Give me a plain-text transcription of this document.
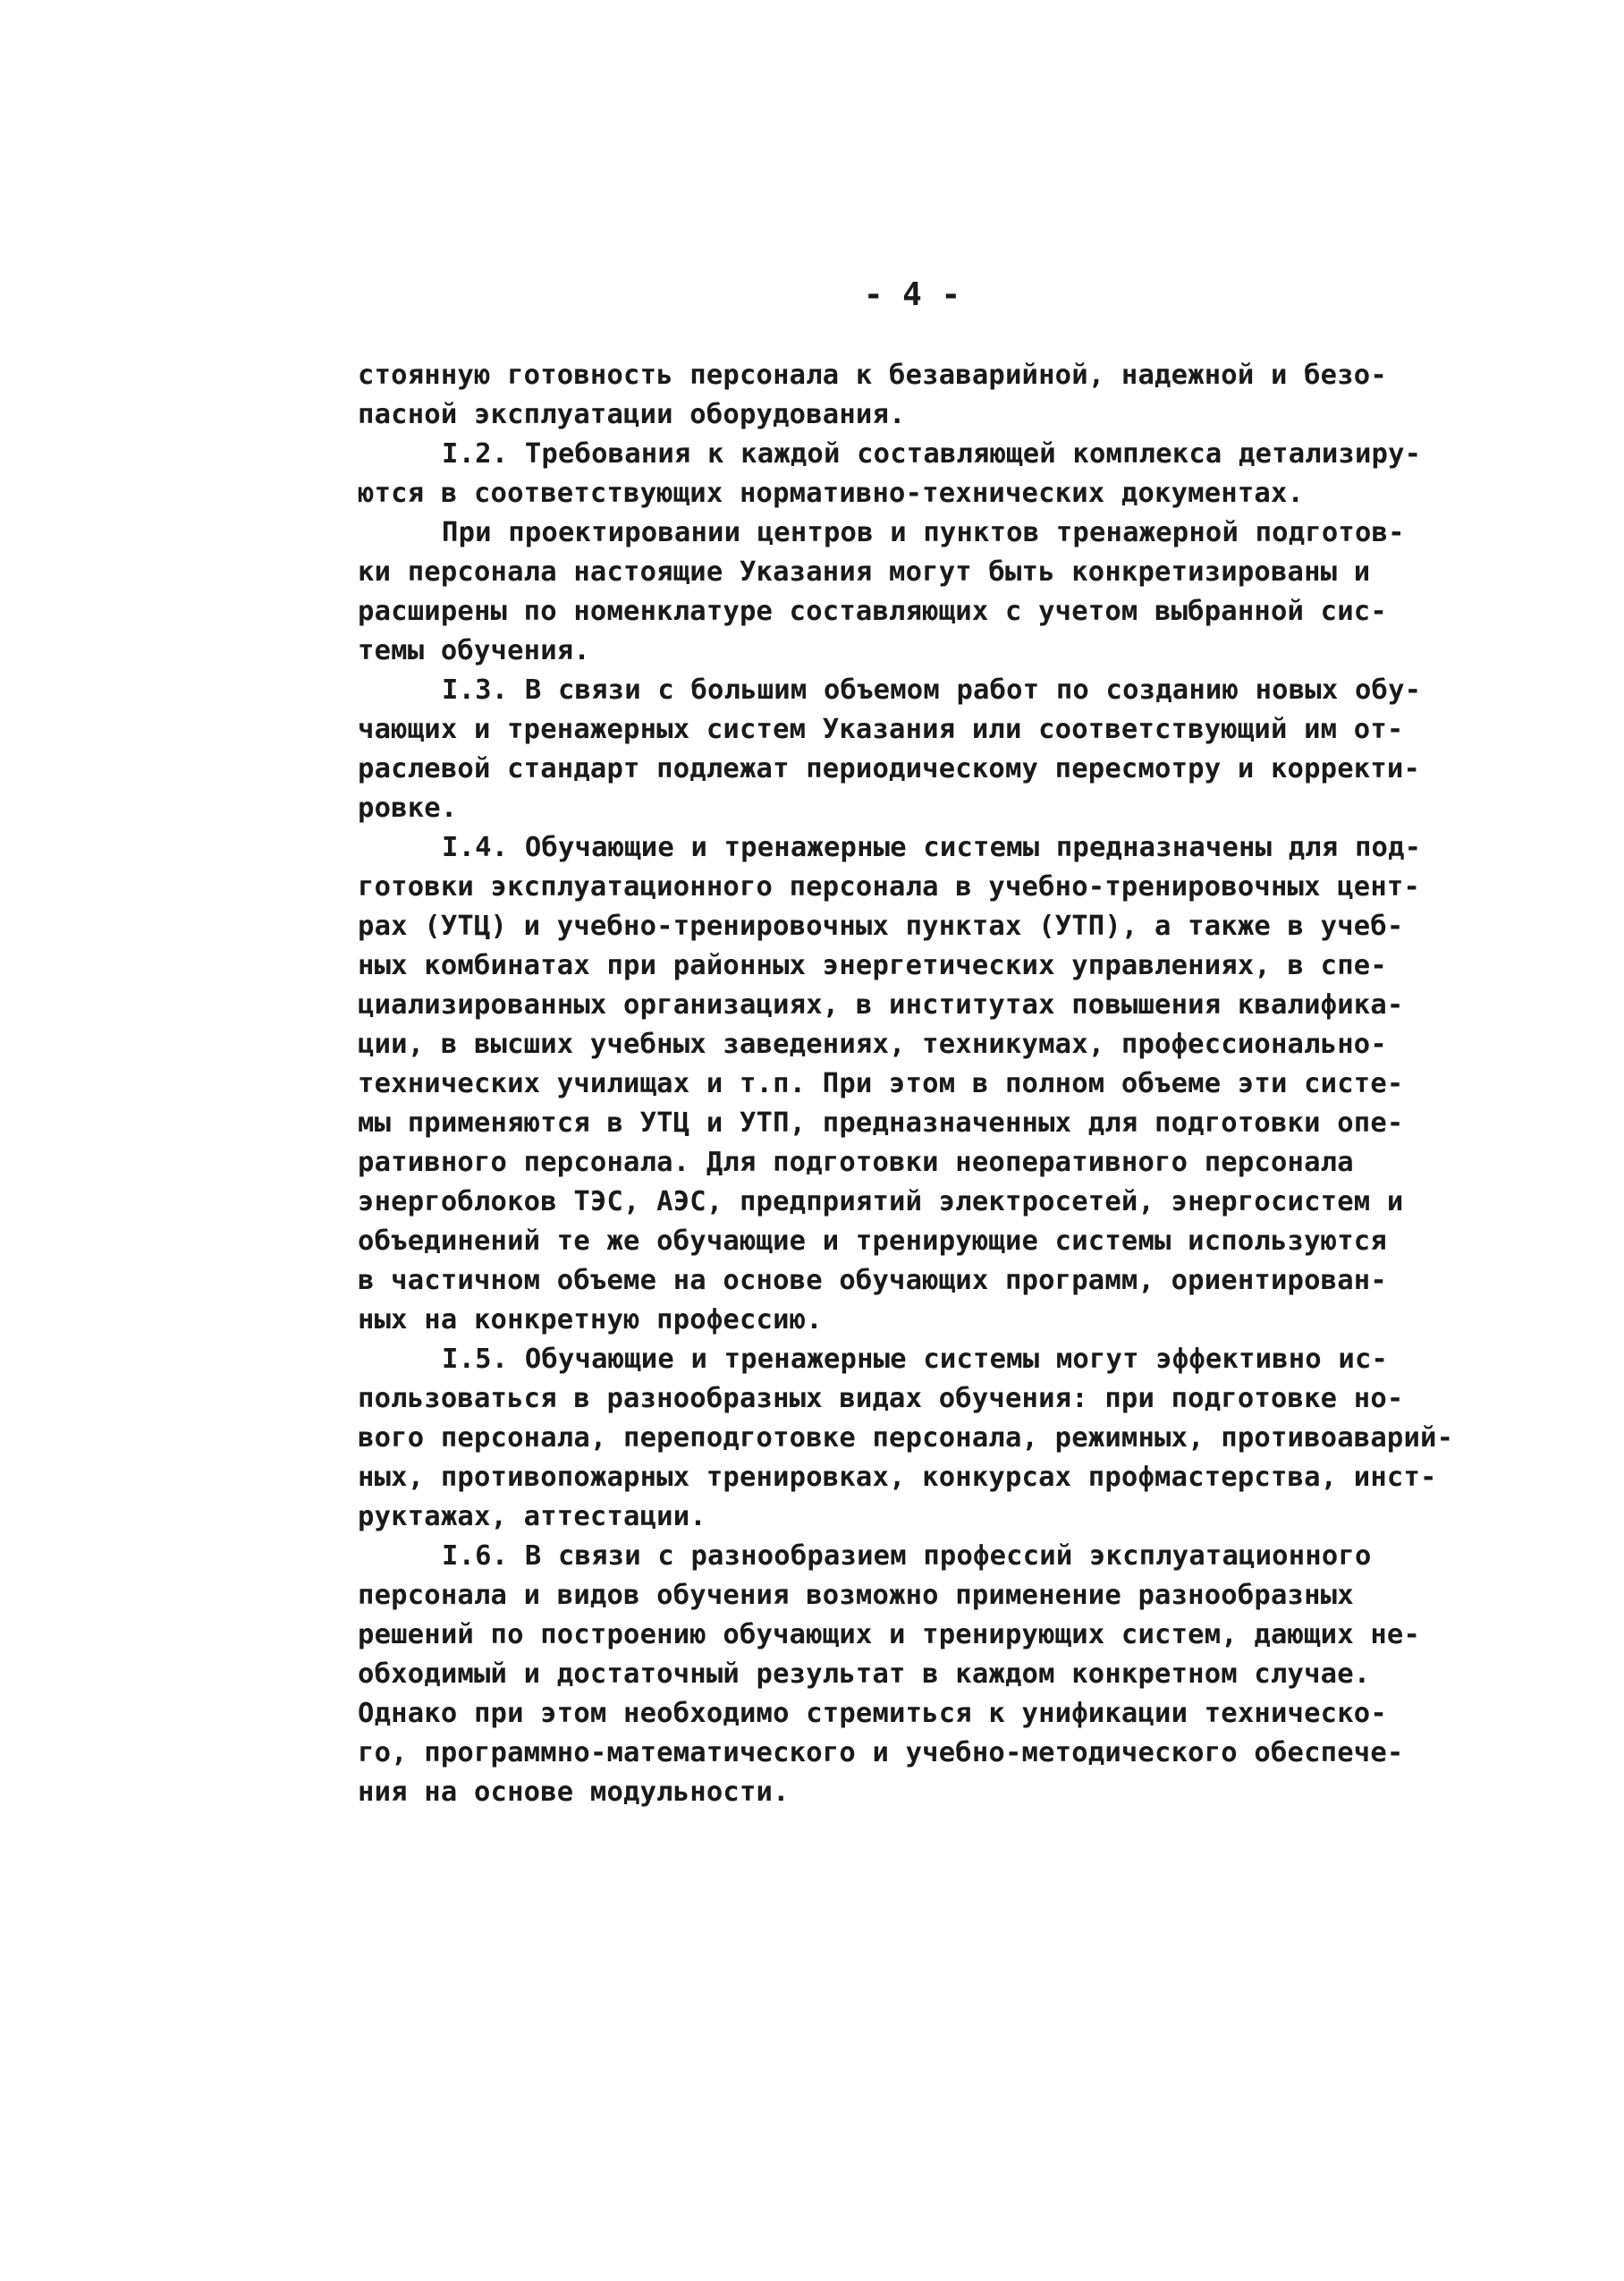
- 4 -
стоянную готовность персонала к безаварийной, надежной и безо-
пасной эксплуатации оборудования.
I.2. Требования к каждой составляющей комплекса детализиру-
ются в соответствующих нормативно-технических документах.
При проектировании центров и пунктов тренажерной подготов-
ки персонала настоящие Указания могут быть конкретизированы и
расширены по номенклатуре составляющих с учетом выбранной сис-
темы обучения.
I.3. В связи с большим объемом работ по созданию новых обу-
чающих и тренажерных систем Указания или соответствующий им от-
раслевой стандарт подлежат периодическому пересмотру и корректи-
ровке.
I.4. Обучающие и тренажерные системы предназначены для под-
готовки эксплуатационного персонала в учебно-тренировочных цент-
рах (УТЦ) и учебно-тренировочных пунктах (УТП), а также в учеб-
ных комбинатах при районных энергетических управлениях, в спе-
циализированных организациях, в институтах повышения квалифика-
ции, в высших учебных заведениях, техникумах, профессионально-
технических училищах и т.п. При этом в полном объеме эти систе-
мы применяются в УТЦ и УТП, предназначенных для подготовки опе-
ративного персонала. Для подготовки неоперативного персонала
энергоблоков ТЭС, АЭС, предприятий электросетей, энергосистем и
объединений те же обучающие и тренирующие системы используются
в частичном объеме на основе обучающих программ, ориентирован-
ных на конкретную профессию.
I.5. Обучающие и тренажерные системы могут эффективно ис-
пользоваться в разнообразных видах обучения: при подготовке но-
вого персонала, переподготовке персонала, режимных, противоаварий-
ных, противопожарных тренировках, конкурсах профмастерства, инст-
руктажах, аттестации.
I.6. В связи с разнообразием профессий эксплуатационного
персонала и видов обучения возможно применение разнообразных
решений по построению обучающих и тренирующих систем, дающих не-
обходимый и достаточный результат в каждом конкретном случае.
Однако при этом необходимо стремиться к унификации техническо-
го, программно-математического и учебно-методического обеспече-
ния на основе модульности.
